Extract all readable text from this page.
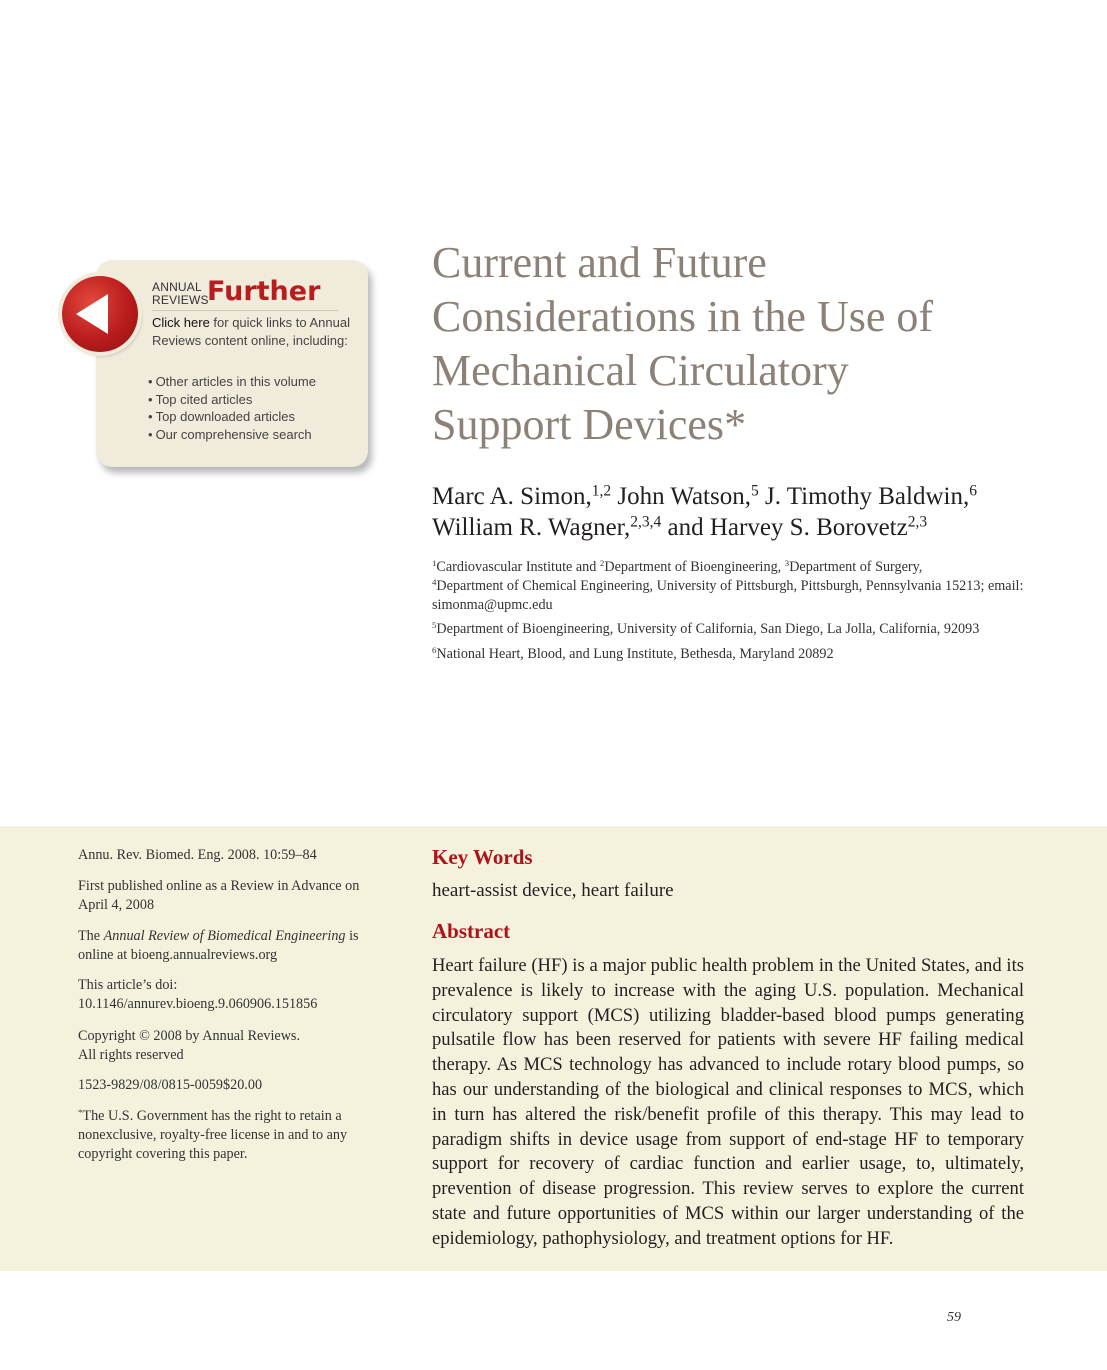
ANNUAL
REVIEWS
Further
Click here for quick links to Annual Reviews content online, including:
• Other articles in this volume
• Top cited articles
• Top downloaded articles
• Our comprehensive search
Current and Future Considerations in the Use of Mechanical Circulatory Support Devices*
Marc A. Simon,$^{1,2}$ John Watson,$^5$ J. Timothy Baldwin,$^6$
William R. Wagner,$^{2,3,4}$ and Harvey S. Borovetz$^{2,3}$
$^1$Cardiovascular Institute and $^2$Department of Bioengineering, $^3$Department of Surgery,
$^4$Department of Chemical Engineering, University of Pittsburgh, Pittsburgh, Pennsylvania 15213; email: simonma@upmc.edu
$^5$Department of Bioengineering, University of California, San Diego, La Jolla, California, 92093
$^6$National Heart, Blood, and Lung Institute, Bethesda, Maryland 20892
Annu. Rev. Biomed. Eng. 2008. 10:59–84
First published online as a Review in Advance on April 4, 2008
The Annual Review of Biomedical Engineering is online at bioeng.annualreviews.org
This article’s doi:
10.1146/annurev.bioeng.9.060906.151856
Copyright © 2008 by Annual Reviews.
All rights reserved
1523-9829/08/0815-0059$20.00
*The U.S. Government has the right to retain a nonexclusive, royalty-free license in and to any copyright covering this paper.
Key Words
heart-assist device, heart failure
Abstract

Heart failure (HF) is a major public health problem in the United States, and its prevalence is likely to increase with the aging U.S. population. Mechanical circulatory support (MCS) utilizing bladder-based blood pumps generating pulsatile flow has been reserved for patients with severe HF failing medical therapy. As MCS technology has advanced to include rotary blood pumps, so has our understanding of the biological and clinical responses to MCS, which in turn has altered the risk/benefit profile of this therapy. This may lead to paradigm shifts in device usage from support of end-stage HF to temporary support for recovery of cardiac function and earlier usage, to, ultimately, prevention of disease progression. This review serves to explore the current state and future opportunities of MCS within our larger understanding of the epidemiology, pathophysiology, and treatment options for HF.

59
